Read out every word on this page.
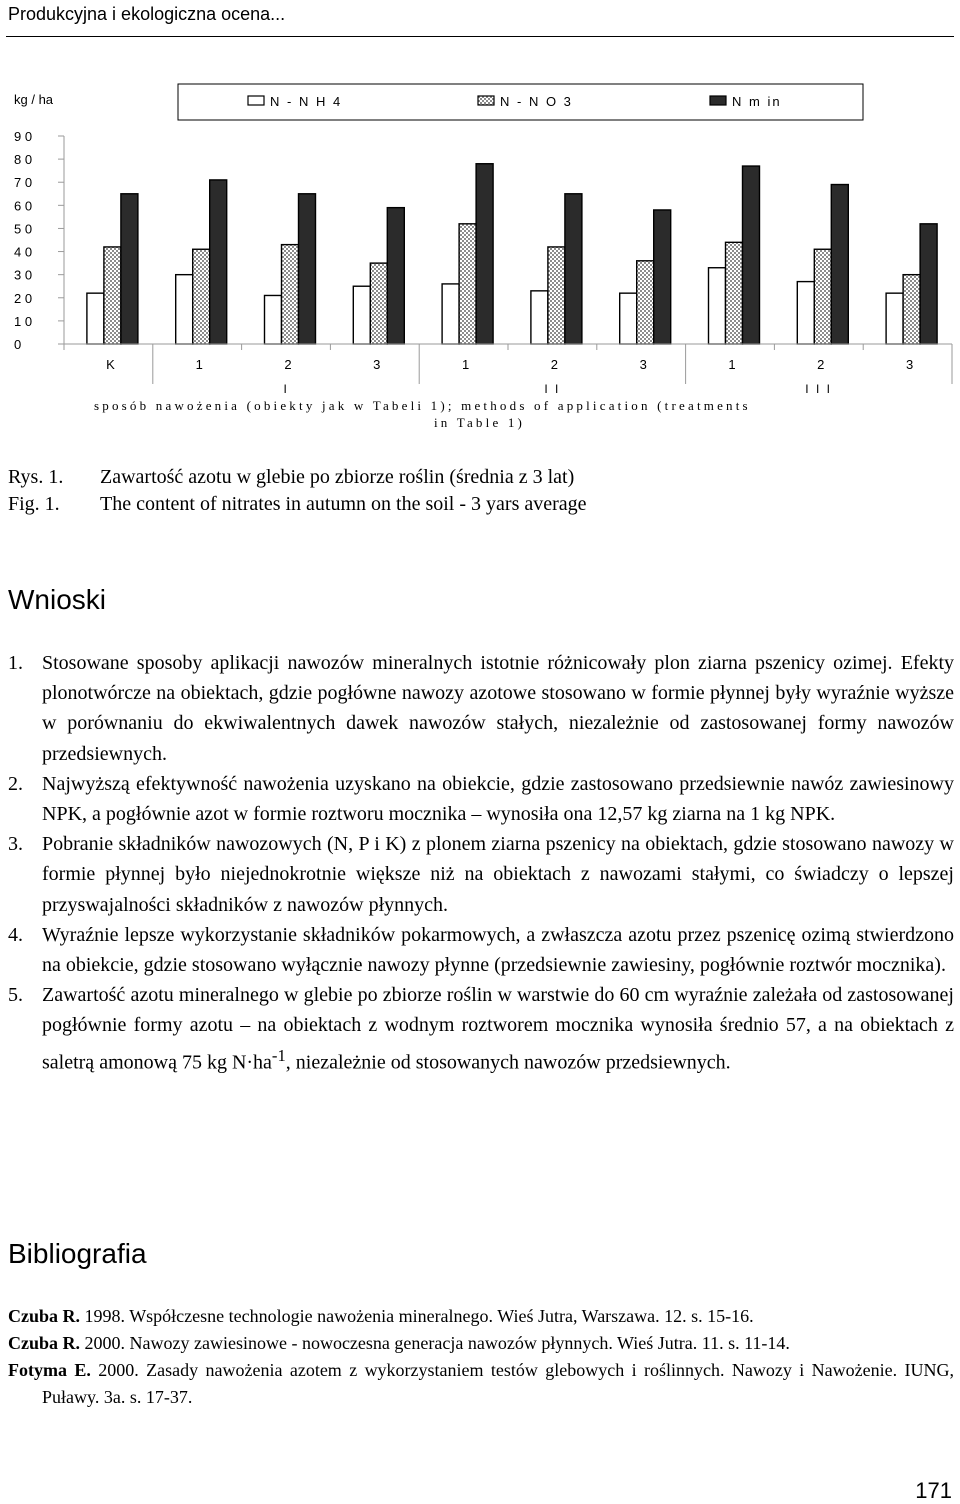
Produkcyjna i ekologiczna ocena...
kg / ha	N - N H 4	N - N O 3	N m in
9 0
8 0
7 0
6 0
5 0
4 0
3 0
2 0
1 0
0
K	1	2	3	1	2	3	1	2	3
I	I I	I I I
sposób nawożenia (obiekty jak w Tabeli 1); methods of application (treatments
in Table 1)
Rys. 1. Zawartość azotu w glebie po zbiorze roślin (średnia z 3 lat)
Fig. 1. The content of nitrates in autumn on the soil - 3 yars average
Wnioski
1. Stosowane sposoby aplikacji nawozów mineralnych istotnie różnicowały plon ziarna pszenicy ozimej. Efekty plonotwórcze na obiektach, gdzie pogłówne nawozy azotowe stosowano w formie płynnej były wyraźnie wyższe w porównaniu do ekwiwalentnych dawek nawozów stałych, niezależnie od zastosowanej formy nawozów przedsiewnych.
2. Najwyższą efektywność nawożenia uzyskano na obiekcie, gdzie zastosowano przedsiewnie nawóz zawiesinowy NPK, a pogłównie azot w formie roztworu mocznika – wynosiła ona 12,57 kg ziarna na 1 kg NPK.
3. Pobranie składników nawozowych (N, P i K) z plonem ziarna pszenicy na obiektach, gdzie stosowano nawozy w formie płynnej było niejednokrotnie większe niż na obiektach z nawozami stałymi, co świadczy o lepszej przyswajalności składników z nawozów płynnych.
4. Wyraźnie lepsze wykorzystanie składników pokarmowych, a zwłaszcza azotu przez pszenicę ozimą stwierdzono na obiekcie, gdzie stosowano wyłącznie nawozy płynne (przedsiewnie zawiesiny, pogłównie roztwór mocznika).
5. Zawartość azotu mineralnego w glebie po zbiorze roślin w warstwie do 60 cm wyraźnie zależała od zastosowanej pogłównie formy azotu – na obiektach z wodnym roztworem mocznika wynosiła średnio 57, a na obiektach z saletrą amonową 75 kg $N\cdot ha^{-1}$, niezależnie od stosowanych nawozów przedsiewnych.
Bibliografia
Czuba R. 1998. Współczesne technologie nawożenia mineralnego. Wieś Jutra, Warszawa. 12. s. 15-16.
Czuba R. 2000. Nawozy zawiesinowe - nowoczesna generacja nawozów płynnych. Wieś Jutra. 11. s. 11-14.
Fotyma E. 2000. Zasady nawożenia azotem z wykorzystaniem testów glebowych i roślinnych. Nawozy i Nawożenie. IUNG, Puławy. 3a. s. 17-37.
171
